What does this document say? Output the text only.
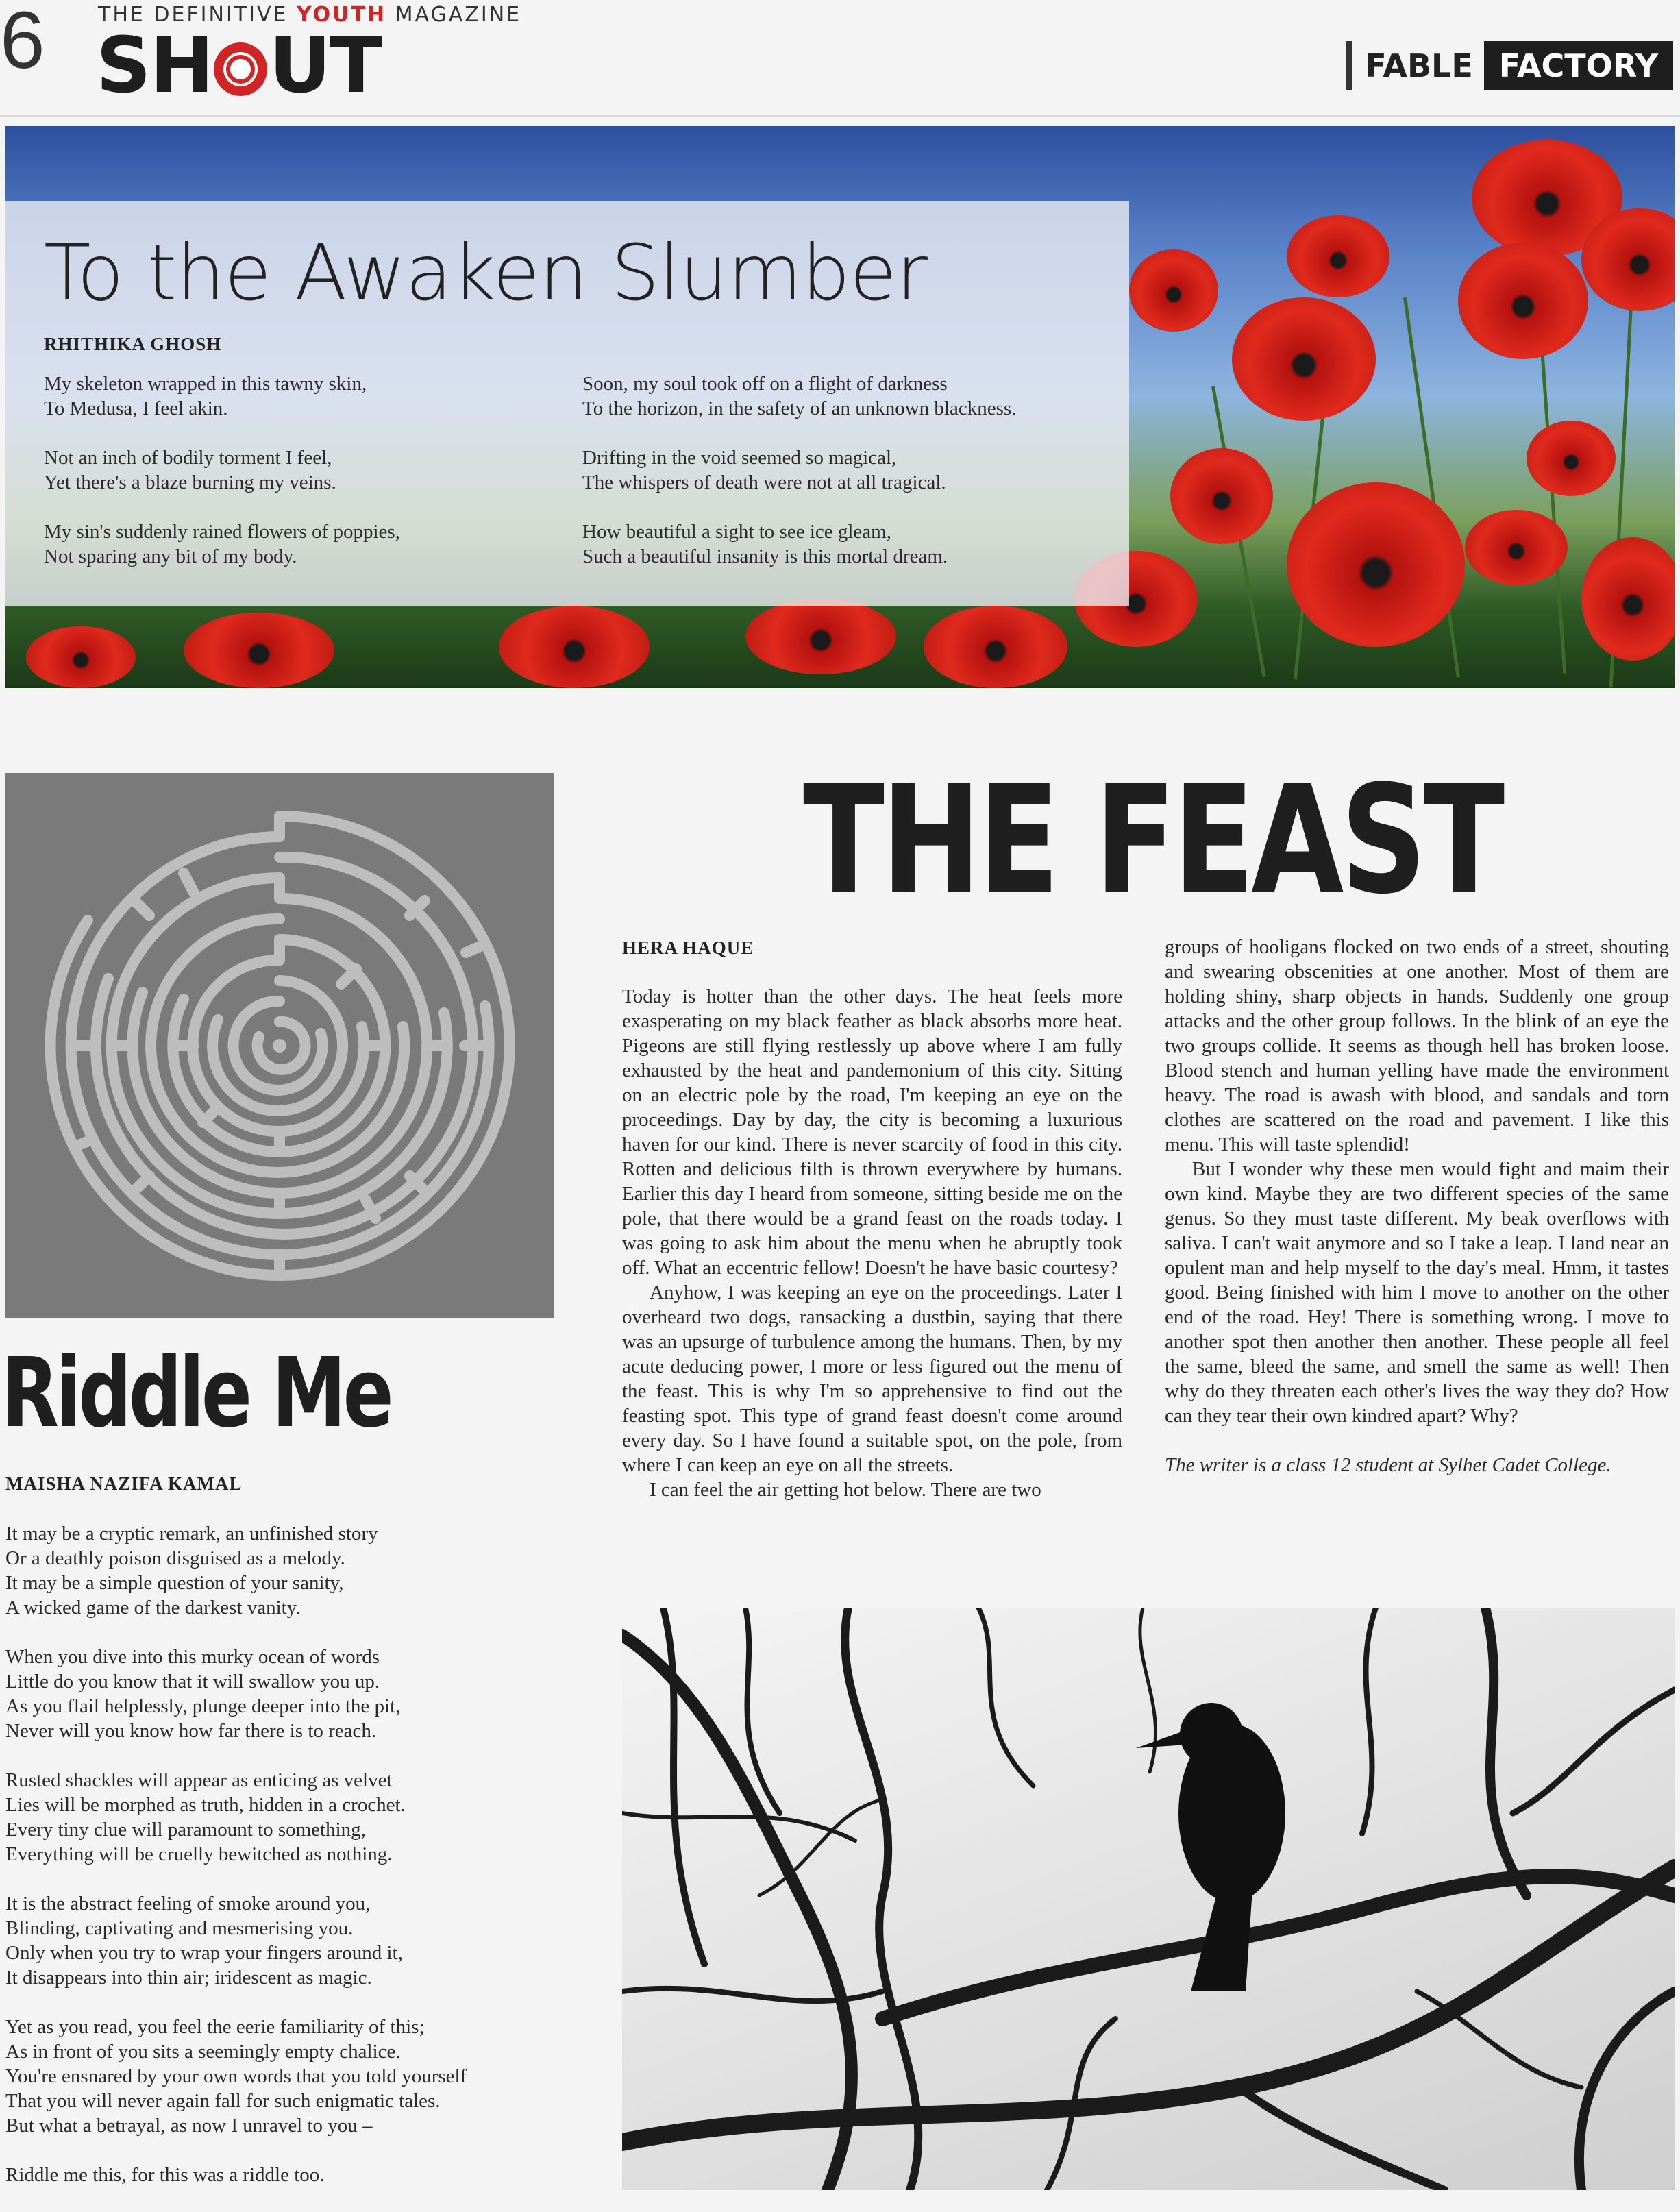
6	THE DEFINITIVE YOUTH MAGAZINE
SH UT	FABLE FACTORY
To the Awaken Slumber
RHITHIKA GHOSH
My skeleton wrapped in this tawny skin,
To Medusa, I feel akin.
Not an inch of bodily torment I feel,
Yet there's a blaze burning my veins.
My sin's suddenly rained flowers of poppies,
Not sparing any bit of my body.
Soon, my soul took off on a flight of darkness
To the horizon, in the safety of an unknown blackness.
Drifting in the void seemed so magical,
The whispers of death were not at all tragical.
How beautiful a sight to see ice gleam,
Such a beautiful insanity is this mortal dream.
Riddle Me
MAISHA NAZIFA KAMAL
It may be a cryptic remark, an unfinished story
Or a deathly poison disguised as a melody.
It may be a simple question of your sanity,
A wicked game of the darkest vanity.
When you dive into this murky ocean of words
Little do you know that it will swallow you up.
As you flail helplessly, plunge deeper into the pit,
Never will you know how far there is to reach.
Rusted shackles will appear as enticing as velvet
Lies will be morphed as truth, hidden in a crochet.
Every tiny clue will paramount to something,
Everything will be cruelly bewitched as nothing.
It is the abstract feeling of smoke around you,
Blinding, captivating and mesmerising you.
Only when you try to wrap your fingers around it,
It disappears into thin air; iridescent as magic.
Yet as you read, you feel the eerie familiarity of this;
As in front of you sits a seemingly empty chalice.
You're ensnared by your own words that you told yourself
That you will never again fall for such enigmatic tales.
But what a betrayal, as now I unravel to you –
Riddle me this, for this was a riddle too.
THE FEAST
HERA HAQUE

Today is hotter than the other days. The heat feels more exasperating on my black feather as black absorbs more heat. Pigeons are still flying restlessly up above where I am fully exhausted by the heat and pandemonium of this city. Sitting on an electric pole by the road, I'm keeping an eye on the proceedings. Day by day, the city is becoming a luxurious haven for our kind. There is never scarcity of food in this city. Rotten and delicious filth is thrown everywhere by humans. Earlier this day I heard from someone, sitting beside me on the pole, that there would be a grand feast on the roads today. I was going to ask him about the menu when he abruptly took off. What an eccentric fellow! Doesn't he have basic courtesy?

Anyhow, I was keeping an eye on the proceedings. Later I overheard two dogs, ransacking a dustbin, saying that there was an upsurge of turbulence among the humans. Then, by my acute deducing power, I more or less figured out the menu of the feast. This is why I'm so apprehensive to find out the feasting spot. This type of grand feast doesn't come around every day. So I have found a suitable spot, on the pole, from where I can keep an eye on all the streets.

I can feel the air getting hot below. There are two

groups of hooligans flocked on two ends of a street, shouting and swearing obscenities at one another. Most of them are holding shiny, sharp objects in hands. Suddenly one group attacks and the other group follows. In the blink of an eye the two groups collide. It seems as though hell has broken loose. Blood stench and human yelling have made the environment heavy. The road is awash with blood, and sandals and torn clothes are scattered on the road and pavement. I like this menu. This will taste splendid!

But I wonder why these men would fight and maim their own kind. Maybe they are two different species of the same genus. So they must taste different. My beak overflows with saliva. I can't wait anymore and so I take a leap. I land near an opulent man and help myself to the day's meal. Hmm, it tastes good. Being finished with him I move to another on the other end of the road. Hey! There is something wrong. I move to another spot then another then another. These people all feel the same, bleed the same, and smell the same as well! Then why do they threaten each other's lives the way they do? How can they tear their own kindred apart? Why?

The writer is a class 12 student at Sylhet Cadet College.
